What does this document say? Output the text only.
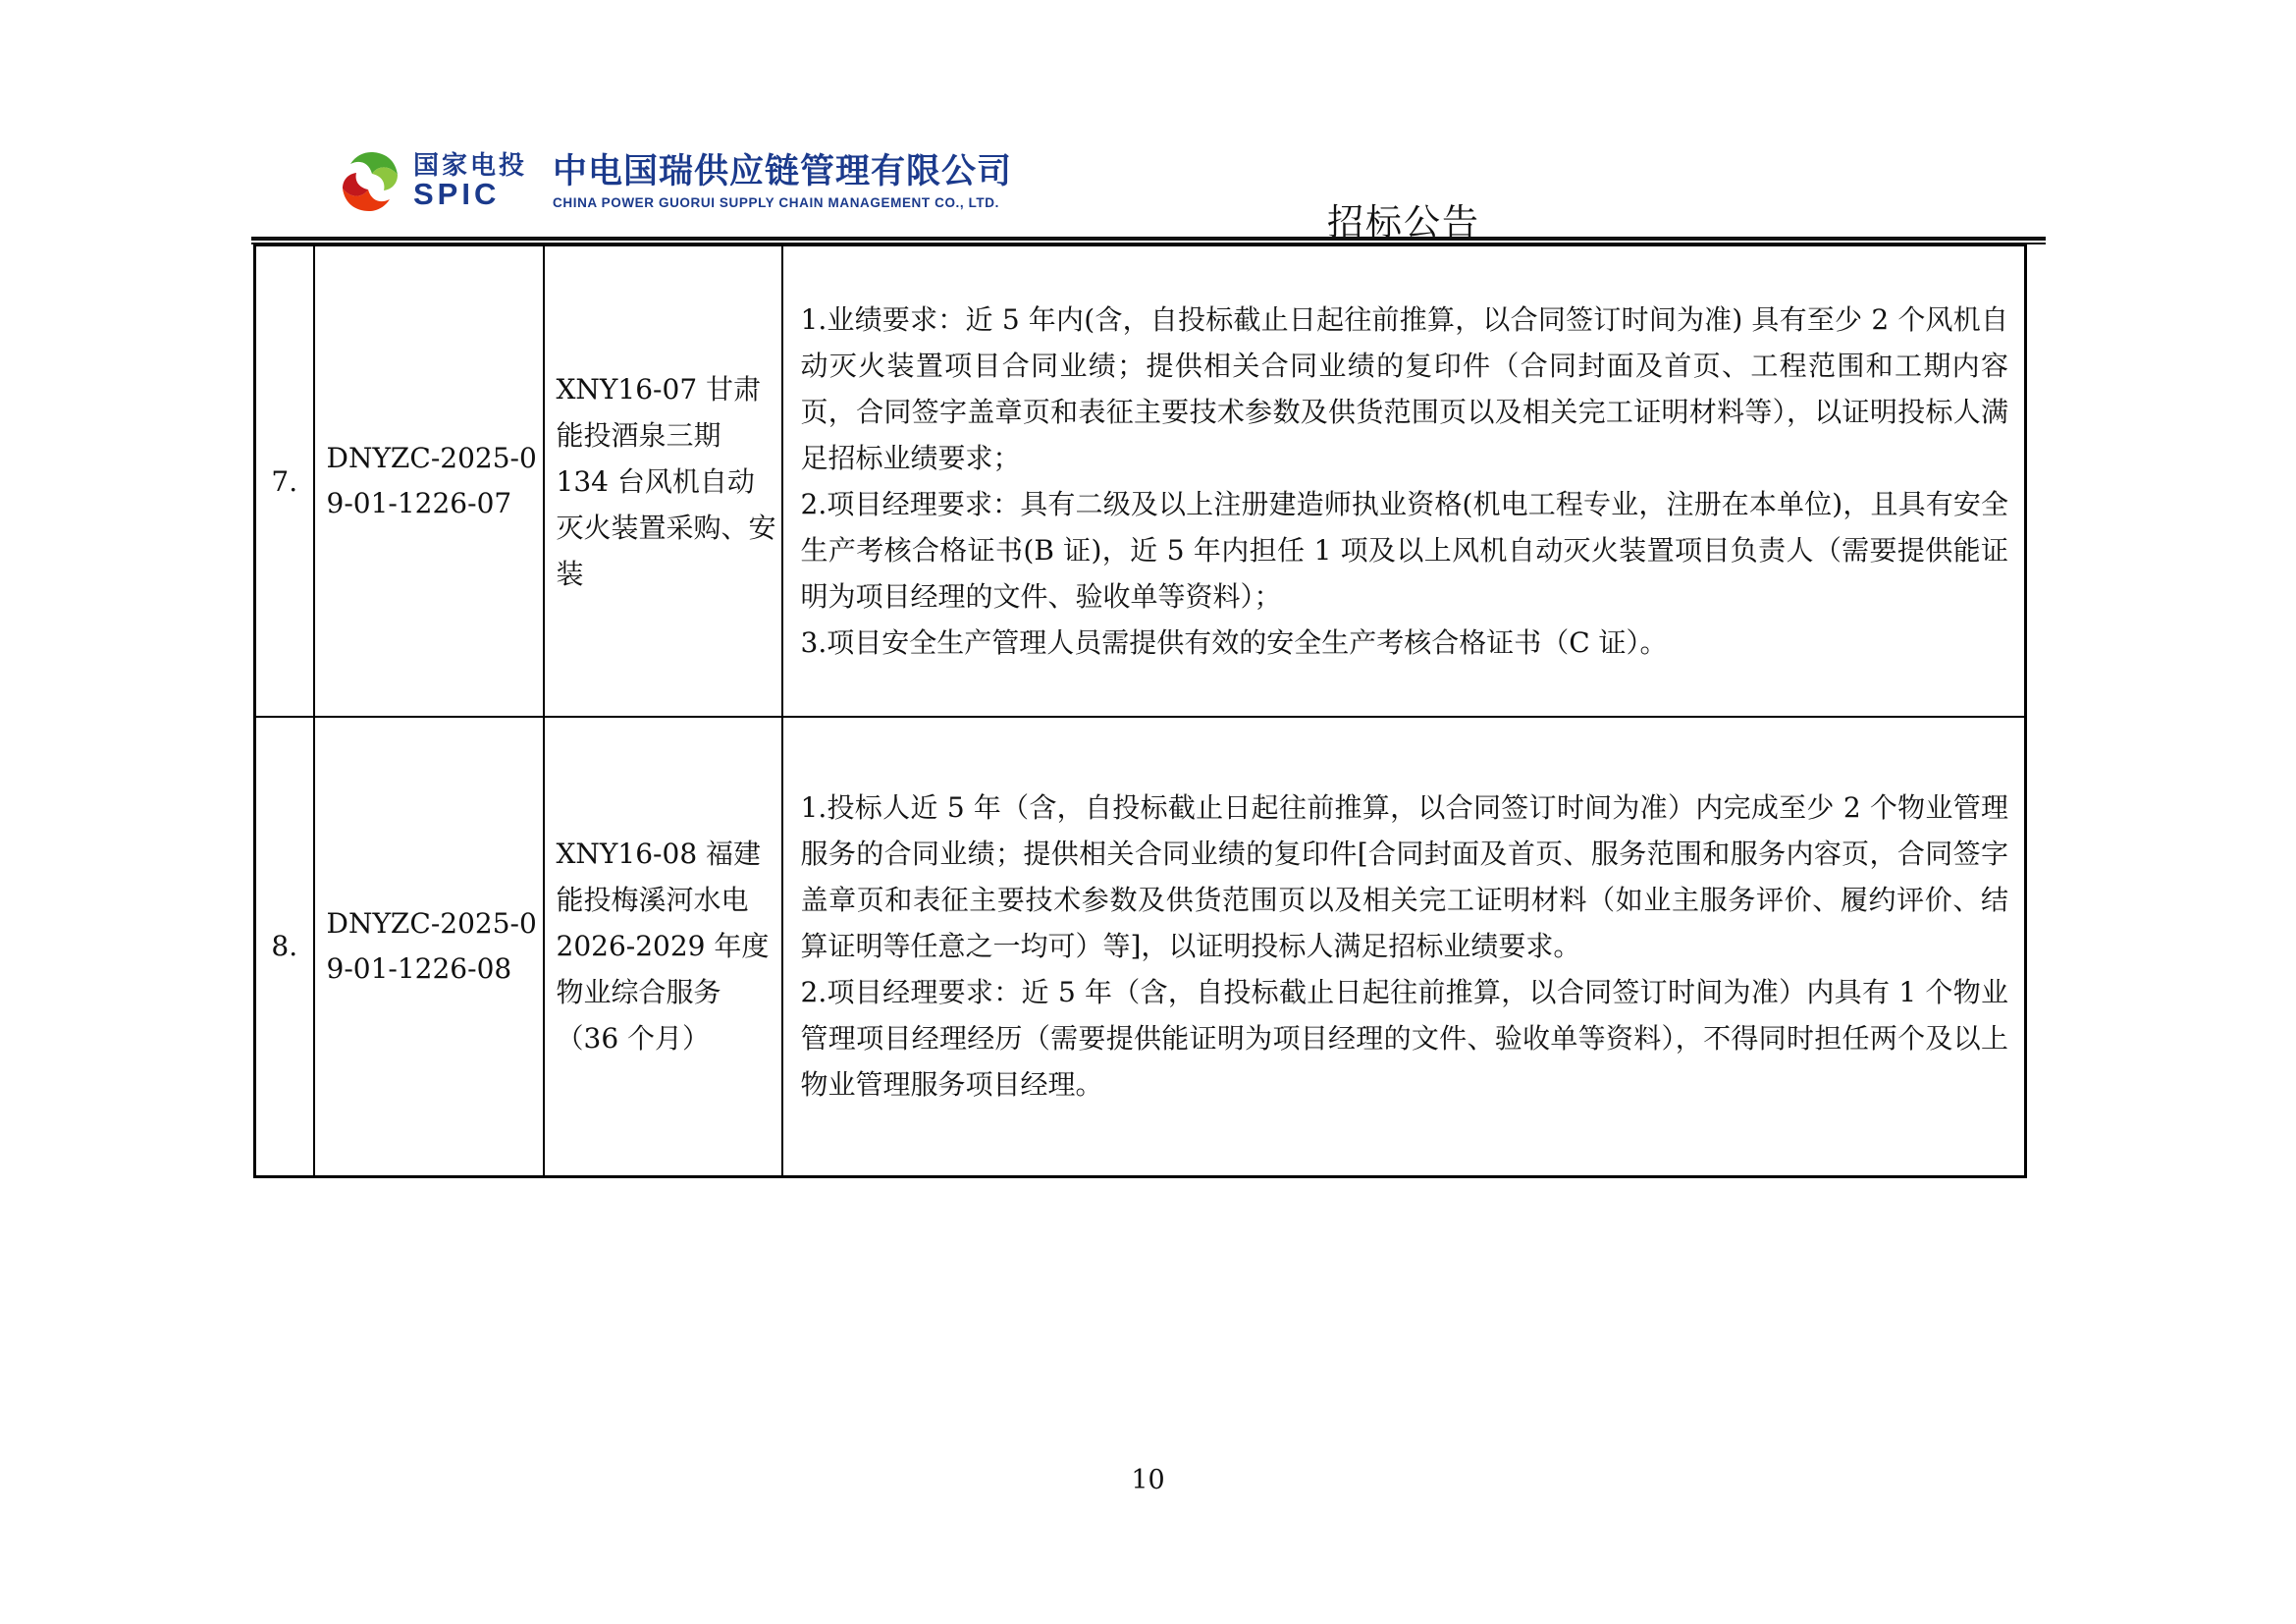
国家电投
SPIC
中电国瑞供应链管理有限公司
CHINA POWER GUORUI SUPPLY CHAIN MANAGEMENT CO., LTD.	招标公告
7.	DNYZC-2025-09-01-1226-07	XNY16-07 甘肃能投酒泉三期 134 台风机自动灭火装置采购、安装	1.业绩要求：近 5 年内(含，自投标截止日起往前推算，以合同签订时间为准) 具有至少 2 个风机自动灭火装置项目合同业绩；提供相关合同业绩的复印件（合同封面及首页、工程范围和工期内容页，合同签字盖章页和表征主要技术参数及供货范围页以及相关完工证明材料等），以证明投标人满足招标业绩要求；

2.项目经理要求：具有二级及以上注册建造师执业资格(机电工程专业，注册在本单位)，且具有安全生产考核合格证书(B 证)，近 5 年内担任 1 项及以上风机自动灭火装置项目负责人（需要提供能证明为项目经理的文件、验收单等资料）；

3.项目安全生产管理人员需提供有效的安全生产考核合格证书（C 证）。

8.	DNYZC-2025-09-01-1226-08	XNY16-08 福建能投梅溪河水电 2026-2029 年度物业综合服务（36 个月）	1.投标人近 5 年（含，自投标截止日起往前推算，以合同签订时间为准）内完成至少 2 个物业管理服务的合同业绩；提供相关合同业绩的复印件[合同封面及首页、服务范围和服务内容页，合同签字盖章页和表征主要技术参数及供货范围页以及相关完工证明材料（如业主服务评价、履约评价、结算证明等任意之一均可）等]，以证明投标人满足招标业绩要求。

2.项目经理要求：近 5 年（含，自投标截止日起往前推算，以合同签订时间为准）内具有 1 个物业管理项目经理经历（需要提供能证明为项目经理的文件、验收单等资料），不得同时担任两个及以上物业管理服务项目经理。

10
